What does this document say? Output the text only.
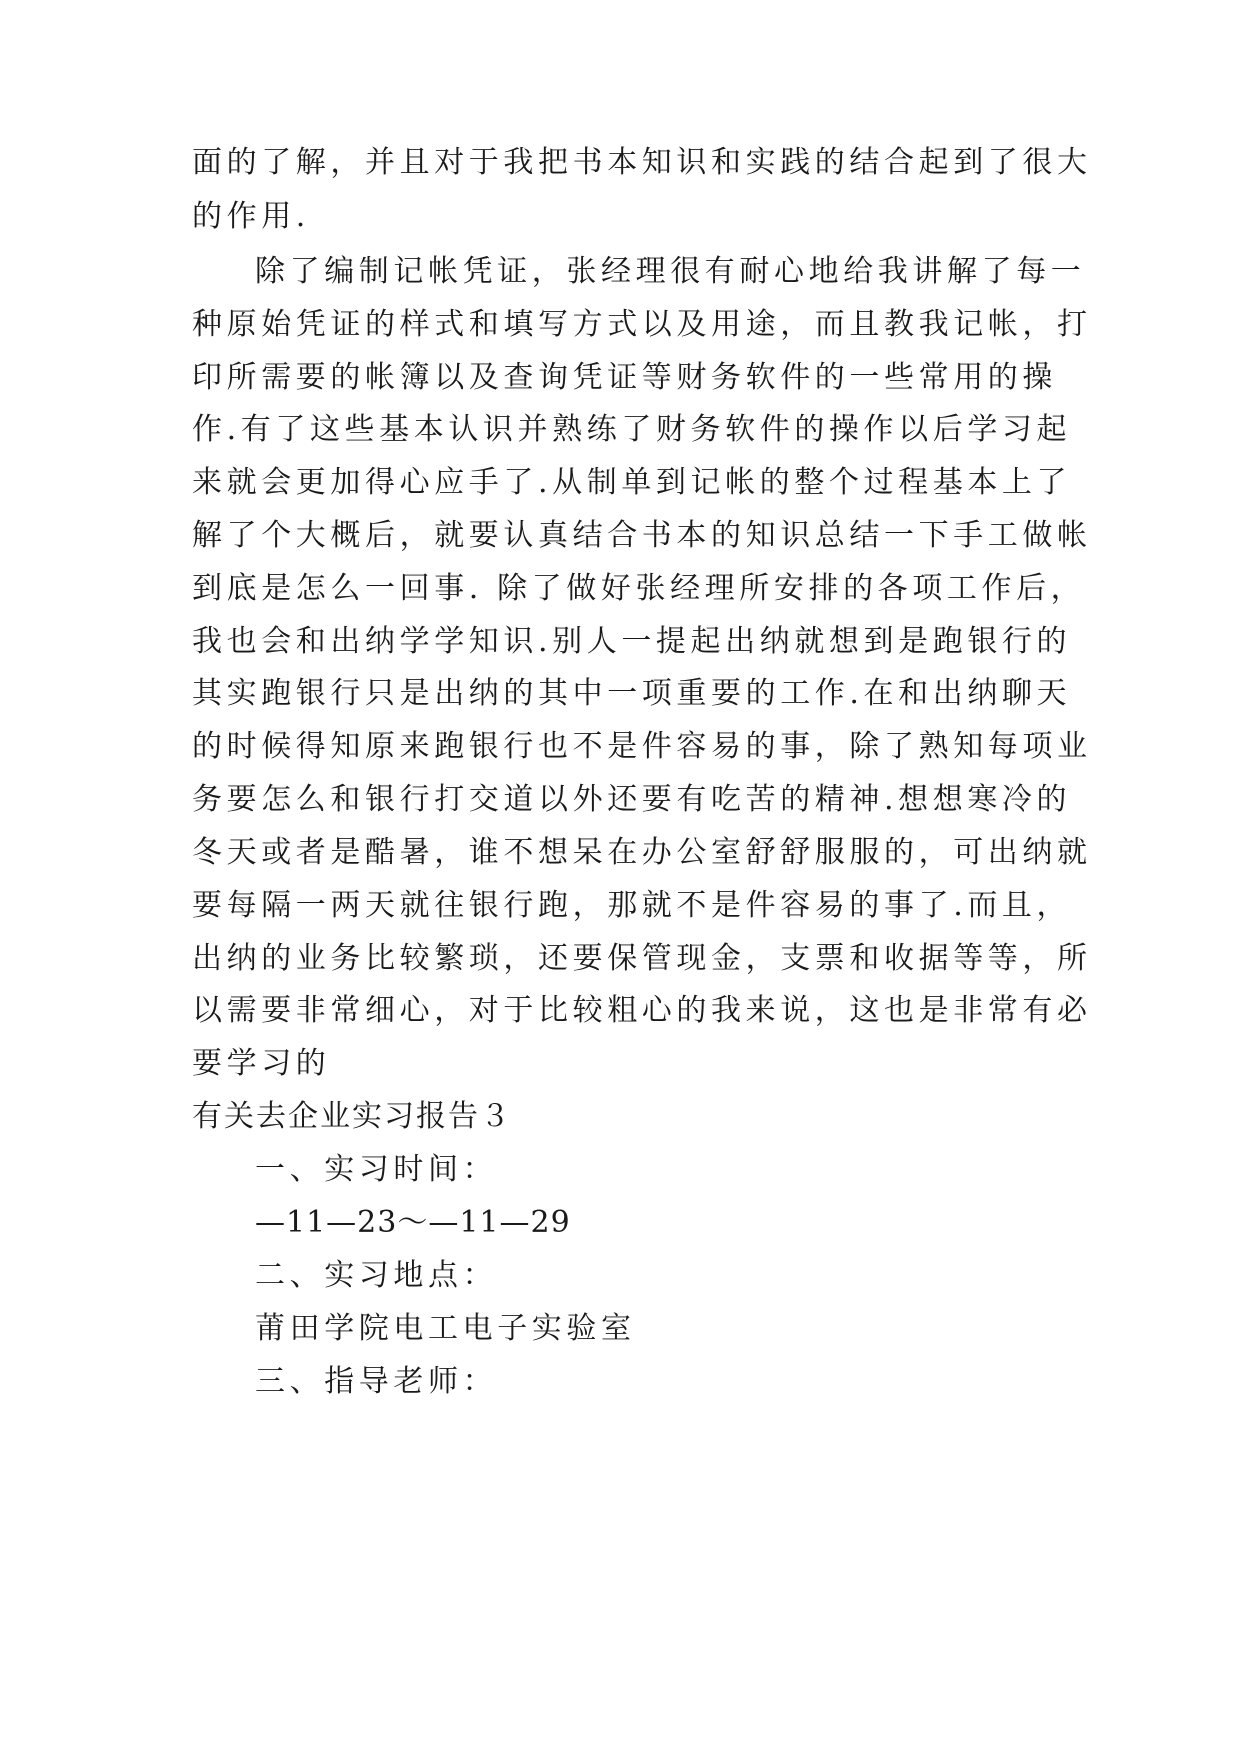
面的了解，并且对于我把书本知识和实践的结合起到了很大
的作用.
除了编制记帐凭证，张经理很有耐心地给我讲解了每一
种原始凭证的样式和填写方式以及用途，而且教我记帐，打
印所需要的帐簿以及查询凭证等财务软件的一些常用的操
作.有了这些基本认识并熟练了财务软件的操作以后学习起
来就会更加得心应手了.从制单到记帐的整个过程基本上了
解了个大概后，就要认真结合书本的知识总结一下手工做帐
到底是怎么一回事. 除了做好张经理所安排的各项工作后，
我也会和出纳学学知识.别人一提起出纳就想到是跑银行的
其实跑银行只是出纳的其中一项重要的工作.在和出纳聊天
的时候得知原来跑银行也不是件容易的事，除了熟知每项业
务要怎么和银行打交道以外还要有吃苦的精神.想想寒冷的
冬天或者是酷暑，谁不想呆在办公室舒舒服服的，可出纳就
要每隔一两天就往银行跑，那就不是件容易的事了.而且，
出纳的业务比较繁琐，还要保管现金，支票和收据等等，所
以需要非常细心，对于比较粗心的我来说，这也是非常有必
要学习的
有关去企业实习报告３
一、实习时间：
—11—23～—11—29
二、实习地点：
莆田学院电工电子实验室
三、指导老师：
